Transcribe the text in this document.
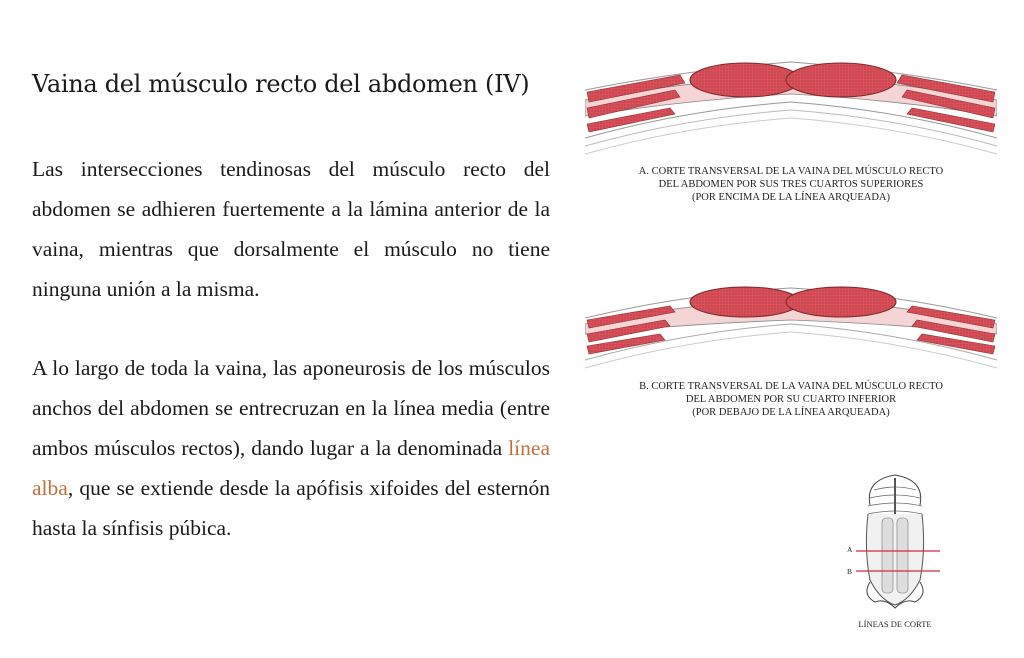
Vaina del músculo recto del abdomen (IV)

Las intersecciones tendinosas del músculo recto del abdomen se adhieren fuertemente a la lámina anterior de la vaina, mientras que dorsalmente el músculo no tiene ninguna unión a la misma.

A lo largo de toda la vaina, las aponeurosis de los músculos anchos del abdomen se entrecruzan en la línea media (entre ambos músculos rectos), dando lugar a la denominada línea alba, que se extiende desde la apófisis xifoides del esternón hasta la sínfisis púbica.

A. CORTE TRANSVERSAL DE LA VAINA DEL MÚSCULO RECTO
DEL ABDOMEN POR SUS TRES CUARTOS SUPERIORES
(POR ENCIMA DE LA LÍNEA ARQUEADA)
B. CORTE TRANSVERSAL DE LA VAINA DEL MÚSCULO RECTO
DEL ABDOMEN POR SU CUARTO INFERIOR
(POR DEBAJO DE LA LÍNEA ARQUEADA)
A
B
LÍNEAS DE CORTE
